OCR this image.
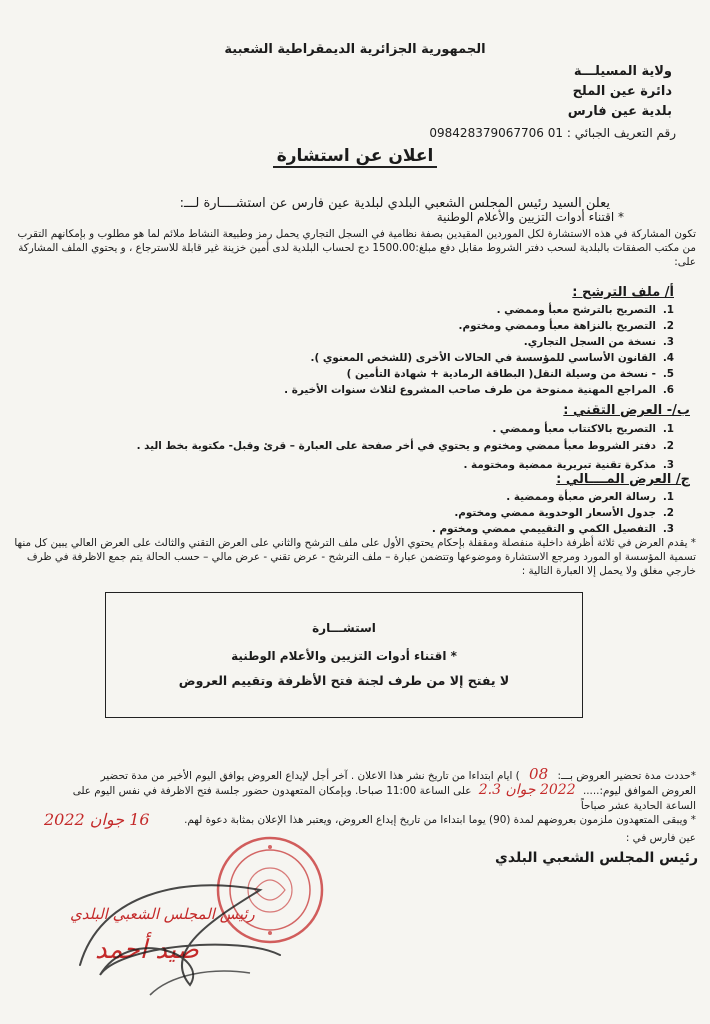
الجمهورية الجزائرية الديمقراطية الشعبية
ولاية المسيلـــة
دائرة عين الملح
بلدية عين فارس
رقم التعريف الجبائي : 01 098428379067706
اعلان عن استشارة
يعلن السيد رئيس المجلس الشعبي البلدي لبلدية عين فارس عن استشــــارة لـــ:
* اقتناء أدوات التزيين والأعلام الوطنية
تكون المشاركة في هذه الاستشارة لكل الموردين المقيدين بصفة نظامية في السجل التجاري يحمل رمز وطبيعة النشاط ملائم لما هو مطلوب و بإمكانهم التقرب من مكتب الصفقات بالبلدية لسحب دفتر الشروط مقابل دفع مبلغ:1500.00 دج لحساب البلدية لدى أمين خزينة غير قابلة للاسترجاع ، و يحتوي الملف المشاركة على:
أ/ ملف الترشح :
1.التصريح بالترشح معبأ وممضي .
2.التصريح بالنزاهة معبأ وممضي ومختوم.
3.نسخة من السجل التجاري.
4.القانون الأساسي للمؤسسة في الحالات الأخرى (للشخص المعنوي ).
5.- نسخة من وسيلة النقل( البطاقة الرمادية + شهادة التأمين )
6.المراجع المهنية ممنوحة من طرف صاحب المشروع لثلاث سنوات الأخيرة .
ب/- العرض التقني :
1.التصريح بالاكتتاب معبأ وممضي .
2.دفتر الشروط معبأ ممضي ومختوم و يحتوي في أخر صفحة على العبارة – قرئ وقبل- مكتوبة بخط اليد .
3.مذكرة تقنية تبريرية ممضية ومختومة .
ج/ العرض المــــالي :
1.رسالة العرض معبأة وممضية .
2.جدول الأسعار الوحدوية ممضي ومختوم.
3.التفصيل الكمي و التقييمي ممضي ومختوم .
* يقدم العرض في ثلاثة أظرفة داخلية منفصلة ومقفلة بإحكام يحتوي الأول على ملف الترشح والثاني على العرض التقني والثالث على العرض العالي يبين كل منها تسمية المؤسسة او المورد ومرجع الاستشارة وموضوعها وتتضمن عبارة – ملف الترشح - عرض تقني - عرض مالي – حسب الحالة يتم جمع الاظرفة في ظرف خارجي مغلق ولا يحمل إلا العبارة التالية :
استشـــارة
* اقتناء أدوات التزيين والأعلام الوطنية
لا يفتح إلا من طرف لجنة فتح الأظرفة وتقييم العروض
*حددت مدة تحضير العروض بـــ: 08 ) ايام ابتداءا من تاريخ نشر هذا الاعلان . آخر أجل لإيداع العروض يوافق اليوم الأخير من مدة تحضير
العروض الموافق ليوم:..... 2022 جوان 2.3 على الساعة 11:00 صباحا. وبإمكان المتعهدون حضور جلسة فتح الاظرفة في نفس اليوم على
الساعة الحادية عشر صباحاً
* ويبقى المتعهدون ملزمون بعروضهم لمدة (90) يوما ابتداءا من تاريخ إيداع العروض، ويعتبر هذا الإعلان بمثابة دعوة لهم.
عين فارس في :
رئيس المجلس الشعبي البلدي
16 جوان 2022
رئيس المجلس الشعبي البلدي
صيد أحمد
